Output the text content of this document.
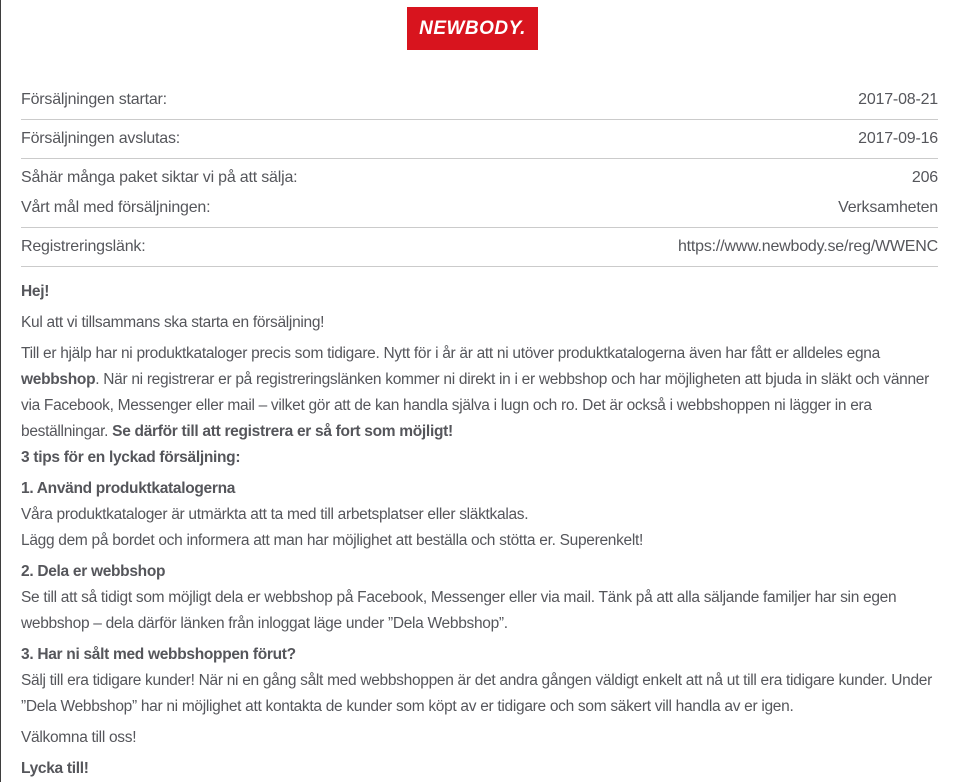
NEWBODY.
Försäljningen startar:	2017-08-21
Försäljningen avslutas:	2017-09-16
Såhär många paket siktar vi på att sälja:	206
Vårt mål med försäljningen:	Verksamheten
Registreringslänk:	https://www.newbody.se/reg/WWENC

Hej!

Kul att vi tillsammans ska starta en försäljning!

Till er hjälp har ni produktkataloger precis som tidigare. Nytt för i år är att ni utöver produktkatalogerna även har fått er alldeles egna webbshop. När ni registrerar er på registreringslänken kommer ni direkt in i er webbshop och har möjligheten att bjuda in släkt och vänner via Facebook, Messenger eller mail – vilket gör att de kan handla själva i lugn och ro. Det är också i webbshoppen ni lägger in era beställningar. Se därför till att registrera er så fort som möjligt!

3 tips för en lyckad försäljning:

1. Använd produktkatalogerna
Våra produktkataloger är utmärkta att ta med till arbetsplatser eller släktkalas.
Lägg dem på bordet och informera att man har möjlighet att beställa och stötta er. Superenkelt!
2. Dela er webbshop
Se till att så tidigt som möjligt dela er webbshop på Facebook, Messenger eller via mail. Tänk på att alla säljande familjer har sin egen webbshop – dela därför länken från inloggat läge under ”Dela Webbshop”.
3. Har ni sålt med webbshoppen förut?
Sälj till era tidigare kunder! När ni en gång sålt med webbshoppen är det andra gången väldigt enkelt att nå ut till era tidigare kunder. Under ”Dela Webbshop” har ni möjlighet att kontakta de kunder som köpt av er tidigare och som säkert vill handla av er igen.

Välkomna till oss!

Lycka till!
